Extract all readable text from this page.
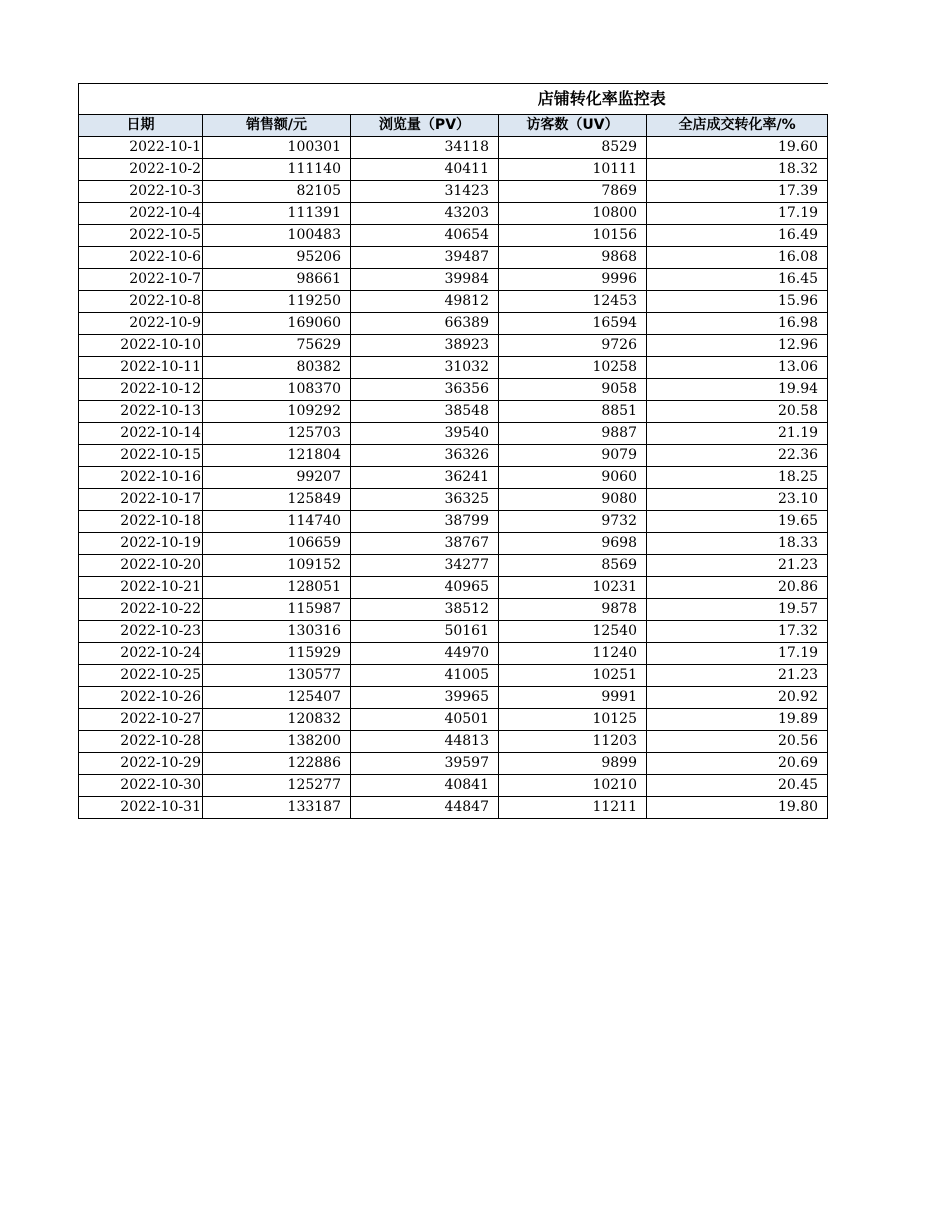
店铺转化率监控表				
日期	销售额/元	浏览量（PV）	访客数（UV）	全店成交转化率/%
2022-10-1	100301	34118	8529	19.60
2022-10-2	111140	40411	10111	18.32
2022-10-3	82105	31423	7869	17.39
2022-10-4	111391	43203	10800	17.19
2022-10-5	100483	40654	10156	16.49
2022-10-6	95206	39487	9868	16.08
2022-10-7	98661	39984	9996	16.45
2022-10-8	119250	49812	12453	15.96
2022-10-9	169060	66389	16594	16.98
2022-10-10	75629	38923	9726	12.96
2022-10-11	80382	31032	10258	13.06
2022-10-12	108370	36356	9058	19.94
2022-10-13	109292	38548	8851	20.58
2022-10-14	125703	39540	9887	21.19
2022-10-15	121804	36326	9079	22.36
2022-10-16	99207	36241	9060	18.25
2022-10-17	125849	36325	9080	23.10
2022-10-18	114740	38799	9732	19.65
2022-10-19	106659	38767	9698	18.33
2022-10-20	109152	34277	8569	21.23
2022-10-21	128051	40965	10231	20.86
2022-10-22	115987	38512	9878	19.57
2022-10-23	130316	50161	12540	17.32
2022-10-24	115929	44970	11240	17.19
2022-10-25	130577	41005	10251	21.23
2022-10-26	125407	39965	9991	20.92
2022-10-27	120832	40501	10125	19.89
2022-10-28	138200	44813	11203	20.56
2022-10-29	122886	39597	9899	20.69
2022-10-30	125277	40841	10210	20.45
2022-10-31	133187	44847	11211	19.80
